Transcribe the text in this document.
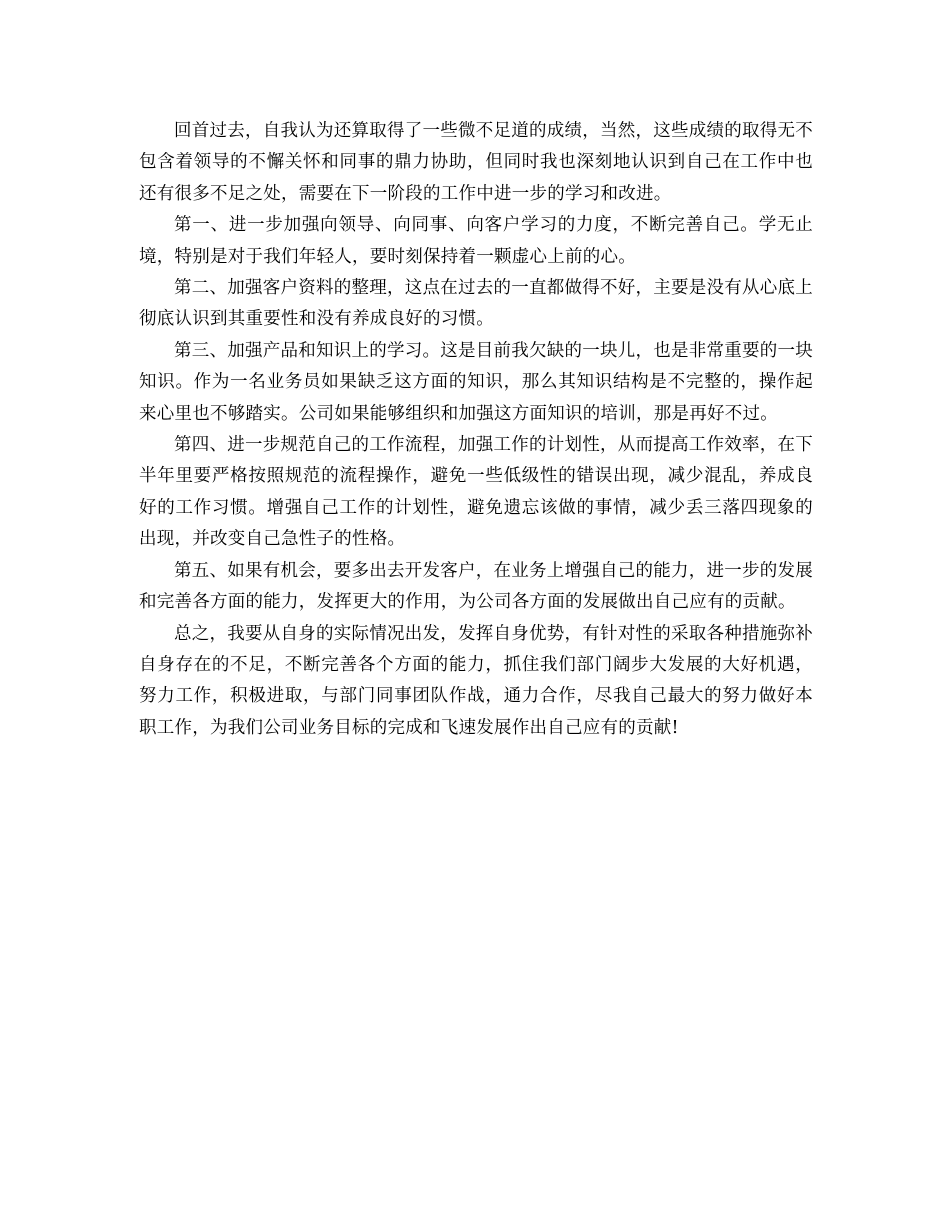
回首过去，自我认为还算取得了一些微不足道的成绩，当然，这些成绩的取得无不包含着领导的不懈关怀和同事的鼎力协助，但同时我也深刻地认识到自己在工作中也还有很多不足之处，需要在下一阶段的工作中进一步的学习和改进。

第一、进一步加强向领导、向同事、向客户学习的力度，不断完善自己。学无止境，特别是对于我们年轻人，要时刻保持着一颗虚心上前的心。

第二、加强客户资料的整理，这点在过去的一直都做得不好，主要是没有从心底上彻底认识到其重要性和没有养成良好的习惯。

第三、加强产品和知识上的学习。这是目前我欠缺的一块儿，也是非常重要的一块知识。作为一名业务员如果缺乏这方面的知识，那么其知识结构是不完整的，操作起来心里也不够踏实。公司如果能够组织和加强这方面知识的培训，那是再好不过。

第四、进一步规范自己的工作流程，加强工作的计划性，从而提高工作效率，在下半年里要严格按照规范的流程操作，避免一些低级性的错误出现，减少混乱，养成良好的工作习惯。增强自己工作的计划性，避免遗忘该做的事情，减少丢三落四现象的出现，并改变自己急性子的性格。

第五、如果有机会，要多出去开发客户，在业务上增强自己的能力，进一步的发展和完善各方面的能力，发挥更大的作用，为公司各方面的发展做出自己应有的贡献。

总之，我要从自身的实际情况出发，发挥自身优势，有针对性的采取各种措施弥补自身存在的不足，不断完善各个方面的能力，抓住我们部门阔步大发展的大好机遇，努力工作，积极进取，与部门同事团队作战，通力合作，尽我自己最大的努力做好本职工作，为我们公司业务目标的完成和飞速发展作出自己应有的贡献!
